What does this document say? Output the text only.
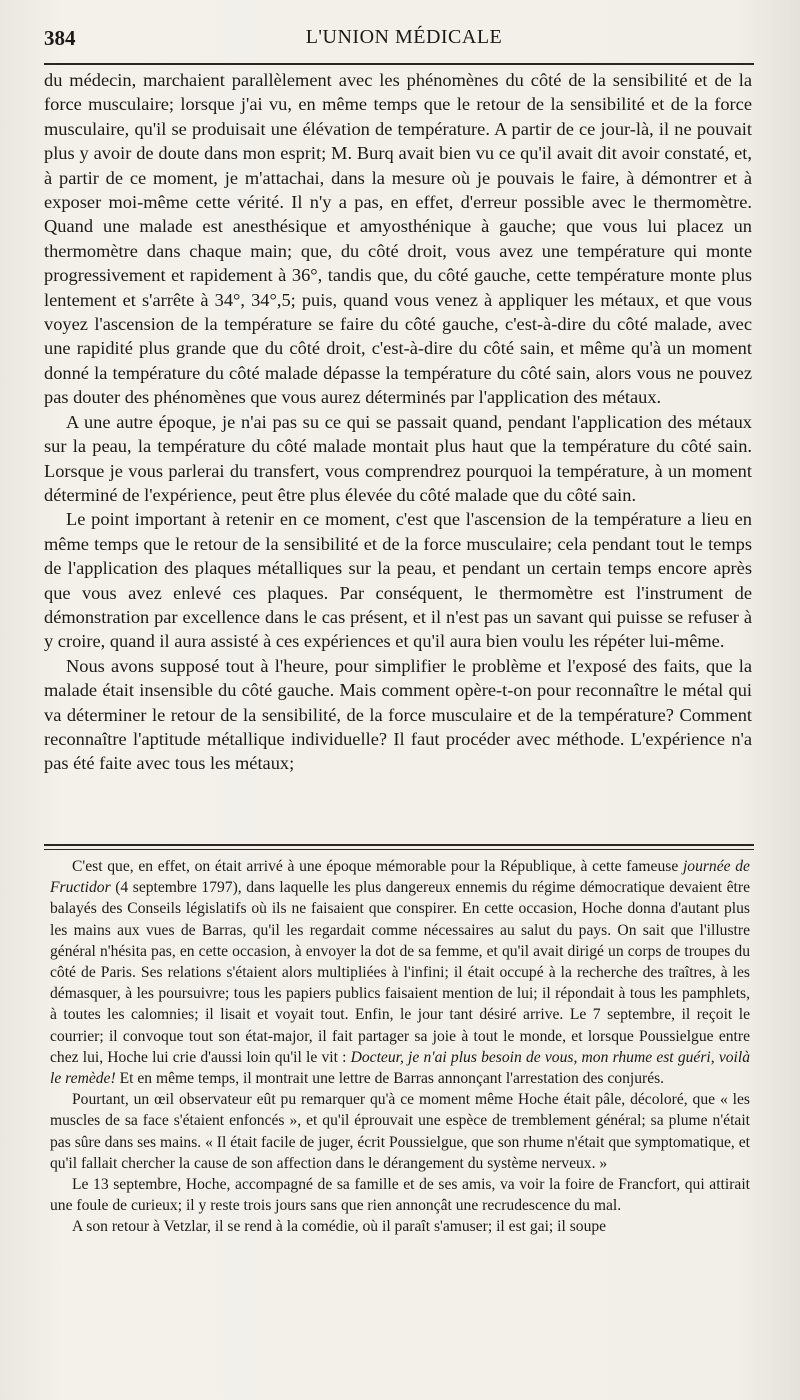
384	L'UNION MÉDICALE

du médecin, marchaient parallèlement avec les phénomènes du côté de la sensibilité et de la force musculaire; lorsque j'ai vu, en même temps que le retour de la sensibilité et de la force musculaire, qu'il se produisait une élévation de température. A partir de ce jour-là, il ne pouvait plus y avoir de doute dans mon esprit; M. Burq avait bien vu ce qu'il avait dit avoir constaté, et, à partir de ce moment, je m'attachai, dans la mesure où je pouvais le faire, à démontrer et à exposer moi-même cette vérité. Il n'y a pas, en effet, d'erreur possible avec le thermomètre. Quand une malade est anesthésique et amyosthénique à gauche; que vous lui placez un thermomètre dans chaque main; que, du côté droit, vous avez une température qui monte progressivement et rapidement à 36°, tandis que, du côté gauche, cette température monte plus lentement et s'arrête à 34°, 34°,5; puis, quand vous venez à appliquer les métaux, et que vous voyez l'ascension de la température se faire du côté gauche, c'est-à-dire du côté malade, avec une rapidité plus grande que du côté droit, c'est-à-dire du côté sain, et même qu'à un moment donné la température du côté malade dépasse la température du côté sain, alors vous ne pouvez pas douter des phénomènes que vous aurez déterminés par l'application des métaux.

A une autre époque, je n'ai pas su ce qui se passait quand, pendant l'application des métaux sur la peau, la température du côté malade montait plus haut que la température du côté sain. Lorsque je vous parlerai du transfert, vous comprendrez pourquoi la température, à un moment déterminé de l'expérience, peut être plus élevée du côté malade que du côté sain.

Le point important à retenir en ce moment, c'est que l'ascension de la température a lieu en même temps que le retour de la sensibilité et de la force musculaire; cela pendant tout le temps de l'application des plaques métalliques sur la peau, et pendant un certain temps encore après que vous avez enlevé ces plaques. Par conséquent, le thermomètre est l'instrument de démonstration par excellence dans le cas présent, et il n'est pas un savant qui puisse se refuser à y croire, quand il aura assisté à ces expériences et qu'il aura bien voulu les répéter lui-même.

Nous avons supposé tout à l'heure, pour simplifier le problème et l'exposé des faits, que la malade était insensible du côté gauche. Mais comment opère-t-on pour reconnaître le métal qui va déterminer le retour de la sensibilité, de la force musculaire et de la température? Comment reconnaître l'aptitude métallique individuelle? Il faut procéder avec méthode. L'expérience n'a pas été faite avec tous les métaux;

C'est que, en effet, on était arrivé à une époque mémorable pour la République, à cette fameuse journée de Fructidor (4 septembre 1797), dans laquelle les plus dangereux ennemis du régime démocratique devaient être balayés des Conseils législatifs où ils ne faisaient que conspirer. En cette occasion, Hoche donna d'autant plus les mains aux vues de Barras, qu'il les regardait comme nécessaires au salut du pays. On sait que l'illustre général n'hésita pas, en cette occasion, à envoyer la dot de sa femme, et qu'il avait dirigé un corps de troupes du côté de Paris. Ses relations s'étaient alors multipliées à l'infini; il était occupé à la recherche des traîtres, à les démasquer, à les poursuivre; tous les papiers publics faisaient mention de lui; il répondait à tous les pamphlets, à toutes les calomnies; il lisait et voyait tout. Enfin, le jour tant désiré arrive. Le 7 septembre, il reçoit le courrier; il convoque tout son état-major, il fait partager sa joie à tout le monde, et lorsque Poussielgue entre chez lui, Hoche lui crie d'aussi loin qu'il le vit : Docteur, je n'ai plus besoin de vous, mon rhume est guéri, voilà le remède! Et en même temps, il montrait une lettre de Barras annonçant l'arrestation des conjurés.

Pourtant, un œil observateur eût pu remarquer qu'à ce moment même Hoche était pâle, décoloré, que « les muscles de sa face s'étaient enfoncés », et qu'il éprouvait une espèce de tremblement général; sa plume n'était pas sûre dans ses mains. « Il était facile de juger, écrit Poussielgue, que son rhume n'était que symptomatique, et qu'il fallait chercher la cause de son affection dans le dérangement du système nerveux. »

Le 13 septembre, Hoche, accompagné de sa famille et de ses amis, va voir la foire de Francfort, qui attirait une foule de curieux; il y reste trois jours sans que rien annonçât une recrudescence du mal.

A son retour à Vetzlar, il se rend à la comédie, où il paraît s'amuser; il est gai; il soupe
